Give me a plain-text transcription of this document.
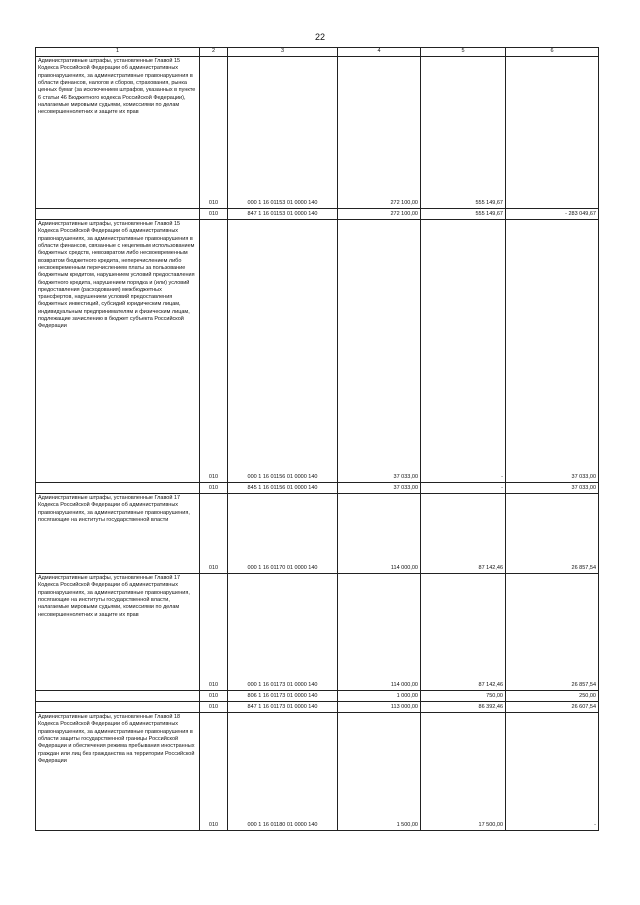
22
1	2	3	4	5	6
Административные штрафы, установленные Главой 15 Кодекса Российской Федерации об административных правонарушениях, за административные правонарушения в области финансов, налогов и сборов, страхования, рынка ценных бумаг (за исключением штрафов, указанных в пункте 6 статьи 46 Бюджетного кодекса Российской Федерации), налагаемые мировыми судьями, комиссиями по делам несовершеннолетних и защите их прав	010	000 1 16 01153 01 0000 140	272 100,00	555 149,67	
	010	847 1 16 01153 01 0000 140	272 100,00	555 149,67	- 283 049,67
Административные штрафы, установленные Главой 15 Кодекса Российской Федерации об административных правонарушениях, за административные правонарушения в области финансов, связанные с нецелевым использованием бюджетных средств, невозвратом либо несвоевременным возвратом бюджетного кредита, неперечислением либо несвоевременным перечислением платы за пользование бюджетным кредитом, нарушением условий предоставления бюджетного кредита, нарушением порядка и (или) условий предоставления (расходования) межбюджетных трансфертов, нарушением условий предоставления бюджетных инвестиций, субсидий юридическим лицам, индивидуальным предпринимателям и физическим лицам, подлежащие зачислению в бюджет субъекта Российской Федерации	010	000 1 16 01156 01 0000 140	37 033,00	-	37 033,00
	010	845 1 16 01156 01 0000 140	37 033,00	-	37 033,00
Административные штрафы, установленные Главой 17 Кодекса Российской Федерации об административных правонарушениях, за административные правонарушения, посягающие на институты государственной власти	010	000 1 16 01170 01 0000 140	114 000,00	87 142,46	26 857,54
Административные штрафы, установленные Главой 17 Кодекса Российской Федерации об административных правонарушениях, за административные правонарушения, посягающие на институты государственной власти, налагаемые мировыми судьями, комиссиями по делам несовершеннолетних и защите их прав	010	000 1 16 01173 01 0000 140	114 000,00	87 142,46	26 857,54
	010	806 1 16 01173 01 0000 140	1 000,00	750,00	250,00
	010	847 1 16 01173 01 0000 140	113 000,00	86 392,46	26 607,54
Административные штрафы, установленные Главой 18 Кодекса Российской Федерации об административных правонарушениях, за административные правонарушения в области защиты государственной границы Российской Федерации и обеспечения режима пребывания иностранных граждан или лиц без гражданства на территории Российской Федерации	010	000 1 16 01180 01 0000 140	1 500,00	17 500,00	-
